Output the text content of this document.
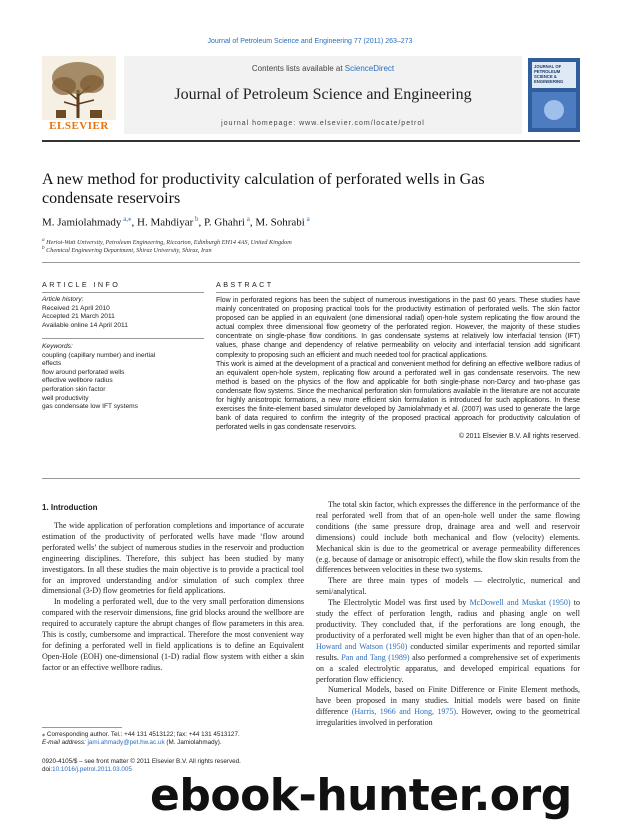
Journal of Petroleum Science and Engineering 77 (2011) 263–273
ELSEVIER
Contents lists available at ScienceDirect
Journal of Petroleum Science and Engineering
journal homepage: www.elsevier.com/locate/petrol
JOURNAL OF
PETROLEUM
SCIENCE &
ENGINEERING
A new method for productivity calculation of perforated wells in Gas
condensate reservoirs
M. Jamiolahmady $^{a,⁎}$, H. Mahdiyar $^b$, P. Ghahri $^a$, M. Sohrabi $^a$
$^a$ Heriot-Watt University, Petroleum Engineering, Riccarton, Edinburgh EH14 4AS, United Kingdom
$^b$ Chemical Engineering Department, Shiraz University, Shiraz, Iran
ARTICLE INFO	ABSTRACT
Article history:
Received 21 April 2010
Accepted 21 March 2011
Available online 14 April 2011
Keywords:
coupling (capillary number) and inertial
effects
flow around perforated wells
effective wellbore radius
perforation skin factor
well productivity
gas condensate low IFT systems

Flow in perforated regions has been the subject of numerous investigations in the past 60 years. These studies have mainly concentrated on proposing practical tools for the productivity estimation of perforated wells. The skin factor proposed can be applied in an equivalent (one dimensional radial) open-hole system replicating the flow around the actual complex three dimensional flow geometry of the perforated region. However, the majority of these studies concentrate on single-phase flow conditions. In gas condensate systems at relatively low interfacial tension (IFT) values, phase change and dependency of relative permeability on velocity and interfacial tension add significant complexity to proposing such an efficient and much needed tool for practical applications.

This work is aimed at the development of a practical and convenient method for defining an effective wellbore radius of an equivalent open-hole system, replicating flow around a perforated well in gas condensate reservoirs. The new method is based on the physics of the flow and applicable for both single-phase non-Darcy and two-phase gas condensate flow systems. Since the mechanical perforation skin formulations available in the literature are not accurate for highly anisotropic formations, a new more efficient skin formulation is introduced for such applications. In these exercises the finite-element based simulator developed by Jamiolahmady et al. (2007) was used to generate the large bank of data required to confirm the integrity of the proposed practical approach for productivity calculation of perforated wells in gas condensate reservoirs.

© 2011 Elsevier B.V. All rights reserved.

1. Introduction

The wide application of perforation completions and importance of accurate estimation of the productivity of perforated wells have made ‘flow around perforated wells’ the subject of numerous studies in the reservoir and production engineering disciplines. Therefore, this subject has been studied by many investigators. In all these studies the main objective is to provide a practical tool for an improved understanding and/or simulation of such complex three dimensional (3-D) flow geometries for field applications.

In modeling a perforated well, due to the very small perforation dimensions compared with the reservoir dimensions, fine grid blocks around the wellbore are required to accurately capture the abrupt changes of flow parameters in this area. This is costly, cumbersome and impractical. Therefore the most convenient way for defining a perforated well in field applications is to define an Equivalent Open-Hole (EOH) one-dimensional (1-D) radial flow system with either a skin factor or an effective wellbore radius.

The total skin factor, which expresses the difference in the performance of the real perforated well from that of an open-hole well under the same flowing conditions (the same pressure drop, drainage area and well and reservoir dimensions) could include both mechanical and flow (velocity) elements. Mechanical skin is due to the geometrical or average permeability differences (e.g. because of damage or anisotropic effect), while the flow skin results from the differences between velocities in these two systems.

There are three main types of models — electrolytic, numerical and semi/analytical.

The Electrolytic Model was first used by McDowell and Muskat (1950) to study the effect of perforation length, radius and phasing angle on well productivity. They concluded that, if the perforations are long enough, the productivity of a perforated well might be even higher than that of an open-hole. Howard and Watson (1950) conducted similar experiments and reported similar results. Pan and Tang (1989) also performed a comprehensive set of experiments on a scaled electrolytic apparatus, and developed empirical equations for perforation flow efficiency.

Numerical Models, based on Finite Difference or Finite Element methods, have been proposed in many studies. Initial models were based on finite difference (Harris, 1966 and Hong, 1975). However, owing to the geometrical irregularities involved in perforation

⁎ Corresponding author. Tel.: +44 131 4513122; fax: +44 131 4513127.
E-mail address: jami.ahmady@pet.hw.ac.uk (M. Jamiolahmady).
0920-4105/$ – see front matter © 2011 Elsevier B.V. All rights reserved.
doi:10.1016/j.petrol.2011.03.005
ebook-hunter.org
